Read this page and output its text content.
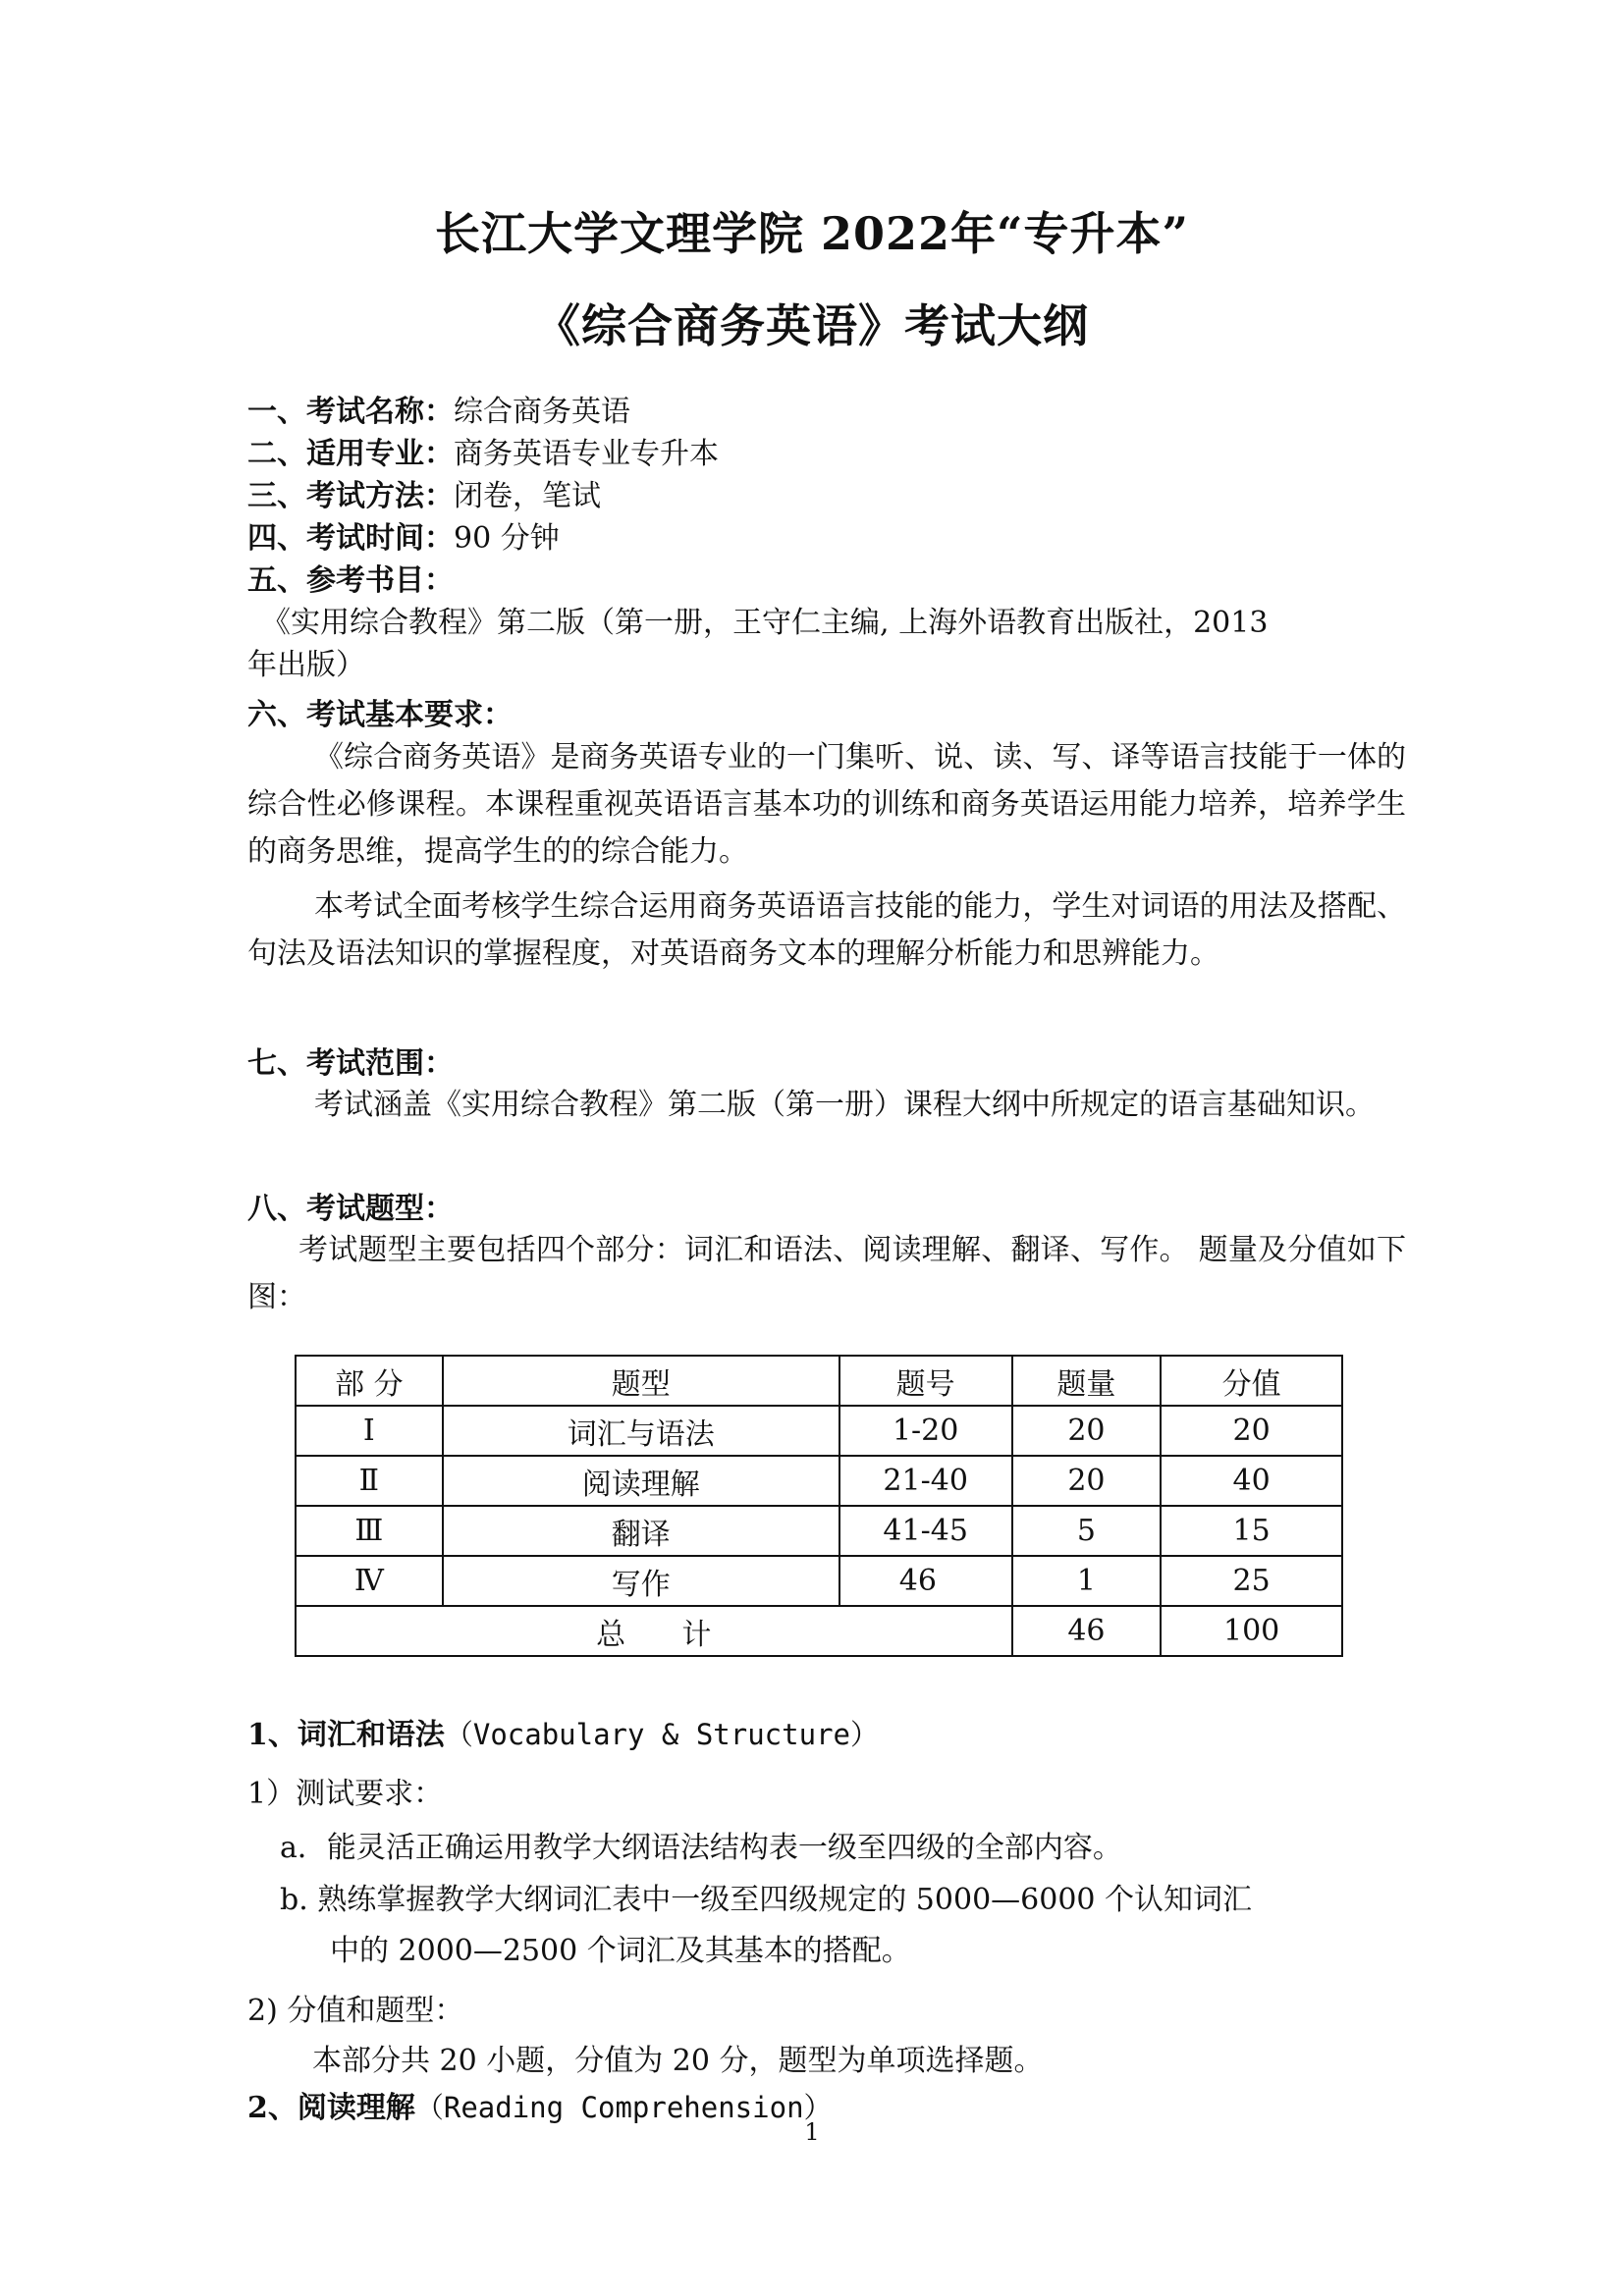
长江大学文理学院 2022年“专升本”
《综合商务英语》考试大纲
一、考试名称：综合商务英语
二、适用专业：商务英语专业专升本
三、考试方法：闭卷，笔试
四、考试时间：90 分钟
五、参考书目：
《实用综合教程》第二版（第一册，王守仁主编, 上海外语教育出版社，2013
年出版）
六、考试基本要求：
《综合商务英语》是商务英语专业的一门集听、说、读、写、译等语言技能于一体的综合性必修课程。本课程重视英语语言基本功的训练和商务英语运用能力培养，培养学生的商务思维，提高学生的的综合能力。
本考试全面考核学生综合运用商务英语语言技能的能力，学生对词语的用法及搭配、句法及语法知识的掌握程度，对英语商务文本的理解分析能力和思辨能力。
七、考试范围：
考试涵盖《实用综合教程》第二版（第一册）课程大纲中所规定的语言基础知识。
八、考试题型：
考试题型主要包括四个部分：词汇和语法、阅读理解、翻译、写作。 题量及分值如下图：
部 分	题型	题号	题量	分值
Ⅰ	词汇与语法	1-20	20	20
Ⅱ	阅读理解	21-40	20	40
Ⅲ	翻译	41-45	5	15
Ⅳ	写作	46	1	25
总      计			46	100
1、词汇和语法（Vocabulary & Structure）
1）测试要求：
a．能灵活正确运用教学大纲语法结构表一级至四级的全部内容。
b. 熟练掌握教学大纲词汇表中一级至四级规定的 5000—6000 个认知词汇
中的 2000—2500 个词汇及其基本的搭配。
2) 分值和题型：
本部分共 20 小题，分值为 20 分，题型为单项选择题。
2、阅读理解（Reading Comprehension）
1
